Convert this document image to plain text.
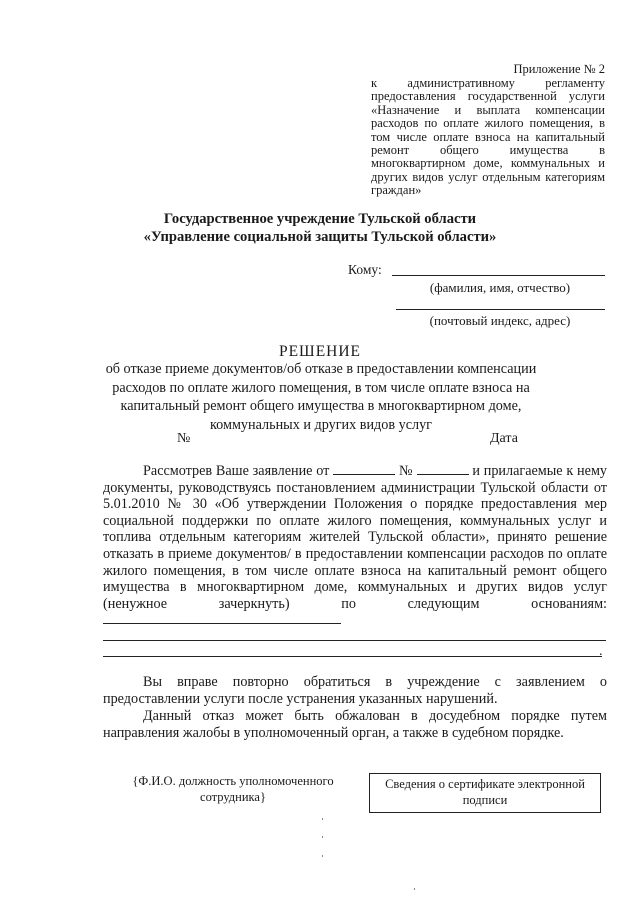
Приложение № 2
к административному регламенту предоставления государственной услуги «Назначение и выплата компенсации расходов по оплате жилого помещения, в том числе оплате взноса на капитальный ремонт общего имущества в многоквартирном доме, коммунальных и других видов услуг отдельным категориям граждан»
Государственное учреждение Тульской области
«Управление социальной защиты Тульской области»
Кому:
(фамилия, имя, отчество)
(почтовый индекс, адрес)
РЕШЕНИЕ
об отказе приеме документов/об отказе в предоставлении компенсации расходов по оплате жилого помещения, в том числе оплате взноса на капитальный ремонт общего имущества в многоквартирном доме, коммунальных и других видов услуг
№	Дата
Рассмотрев Ваше заявление от	№	и прилагаемые к нему документы, руководствуясь постановлением администрации Тульской области от 5.01.2010 № 30 «Об утверждении Положения о порядке предоставления мер социальной поддержки по оплате жилого помещения, коммунальных услуг и топлива отдельным категориям жителей Тульской области», принято решение отказать в приеме документов/ в предоставлении компенсации расходов по оплате жилого помещения, в том числе оплате взноса на капитальный ремонт общего имущества в многоквартирном доме, коммунальных и других видов услуг (ненужное зачеркнуть) по следующим основаниям:
.
Вы вправе повторно обратиться в учреждение с заявлением о предоставлении услуги после устранения указанных нарушений.
Данный отказ может быть обжалован в досудебном порядке путем направления жалобы в уполномоченный орган, а также в судебном порядке.
{Ф.И.О. должность уполномоченного сотрудника}
Сведения о сертификате электронной подписи
